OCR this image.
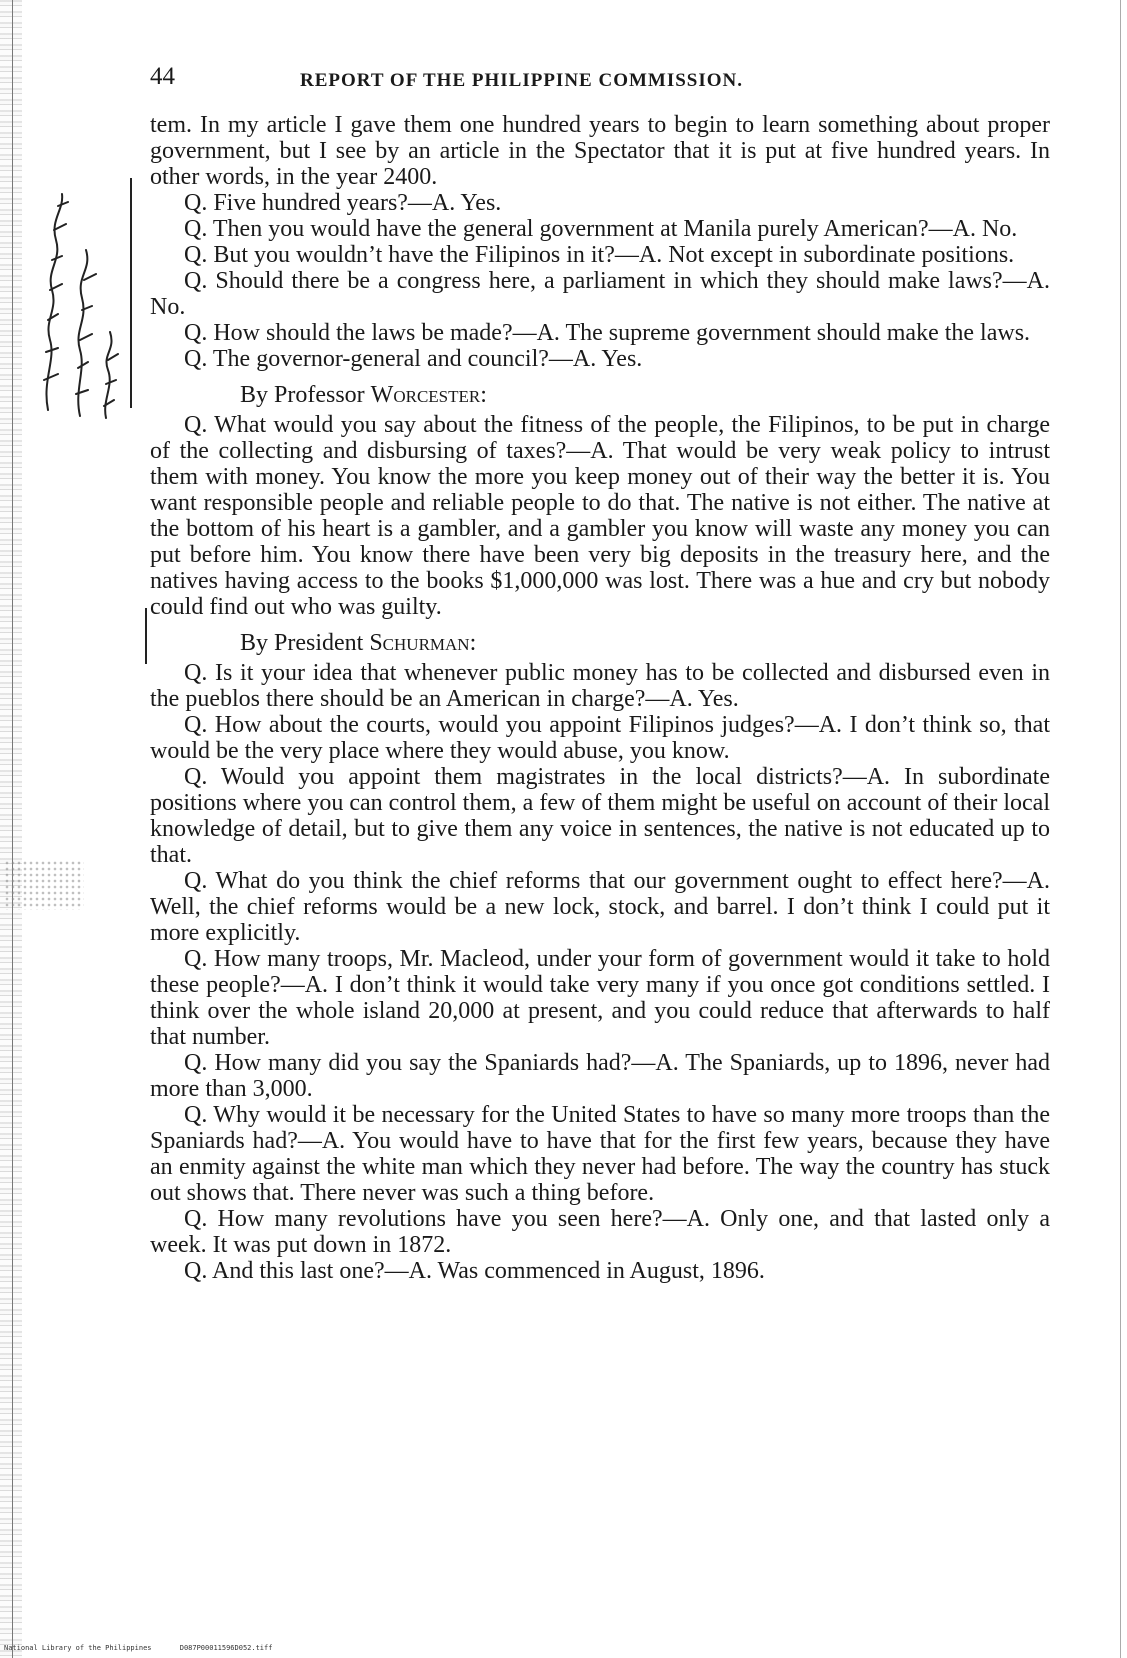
44	REPORT OF THE PHILIPPINE COMMISSION.

tem. In my article I gave them one hundred years to begin to learn something about proper government, but I see by an article in the Spectator that it is put at five hundred years. In other words, in the year 2400.

Q. Five hundred years?—A. Yes.

Q. Then you would have the general government at Manila purely American?—A. No.

Q. But you wouldn’t have the Filipinos in it?—A. Not except in subordinate positions.

Q. Should there be a congress here, a parliament in which they should make laws?—A. No.

Q. How should the laws be made?—A. The supreme government should make the laws.

Q. The governor-general and council?—A. Yes.

By Professor Worcester:

Q. What would you say about the fitness of the people, the Filipinos, to be put in charge of the collecting and disbursing of taxes?—A. That would be very weak policy to intrust them with money. You know the more you keep money out of their way the better it is. You want responsible people and reliable people to do that. The native is not either. The native at the bottom of his heart is a gambler, and a gambler you know will waste any money you can put before him. You know there have been very big deposits in the treasury here, and the natives having access to the books $1,000,000 was lost. There was a hue and cry but nobody could find out who was guilty.

By President Schurman:

Q. Is it your idea that whenever public money has to be collected and disbursed even in the pueblos there should be an American in charge?—A. Yes.

Q. How about the courts, would you appoint Filipinos judges?—A. I don’t think so, that would be the very place where they would abuse, you know.

Q. Would you appoint them magistrates in the local districts?—A. In subordinate positions where you can control them, a few of them might be useful on account of their local knowledge of detail, but to give them any voice in sentences, the native is not educated up to that.

Q. What do you think the chief reforms that our government ought to effect here?—A. Well, the chief reforms would be a new lock, stock, and barrel. I don’t think I could put it more explicitly.

Q. How many troops, Mr. Macleod, under your form of government would it take to hold these people?—A. I don’t think it would take very many if you once got conditions settled. I think over the whole island 20,000 at present, and you could reduce that afterwards to half that number.

Q. How many did you say the Spaniards had?—A. The Spaniards, up to 1896, never had more than 3,000.

Q. Why would it be necessary for the United States to have so many more troops than the Spaniards had?—A. You would have to have that for the first few years, because they have an enmity against the white man which they never had before. The way the country has stuck out shows that. There never was such a thing before.

Q. How many revolutions have you seen here?—A. Only one, and that lasted only a week. It was put down in 1872.

Q. And this last one?—A. Was commenced in August, 1896.

National Library of the Philippines	D087P00011596D052.tiff
